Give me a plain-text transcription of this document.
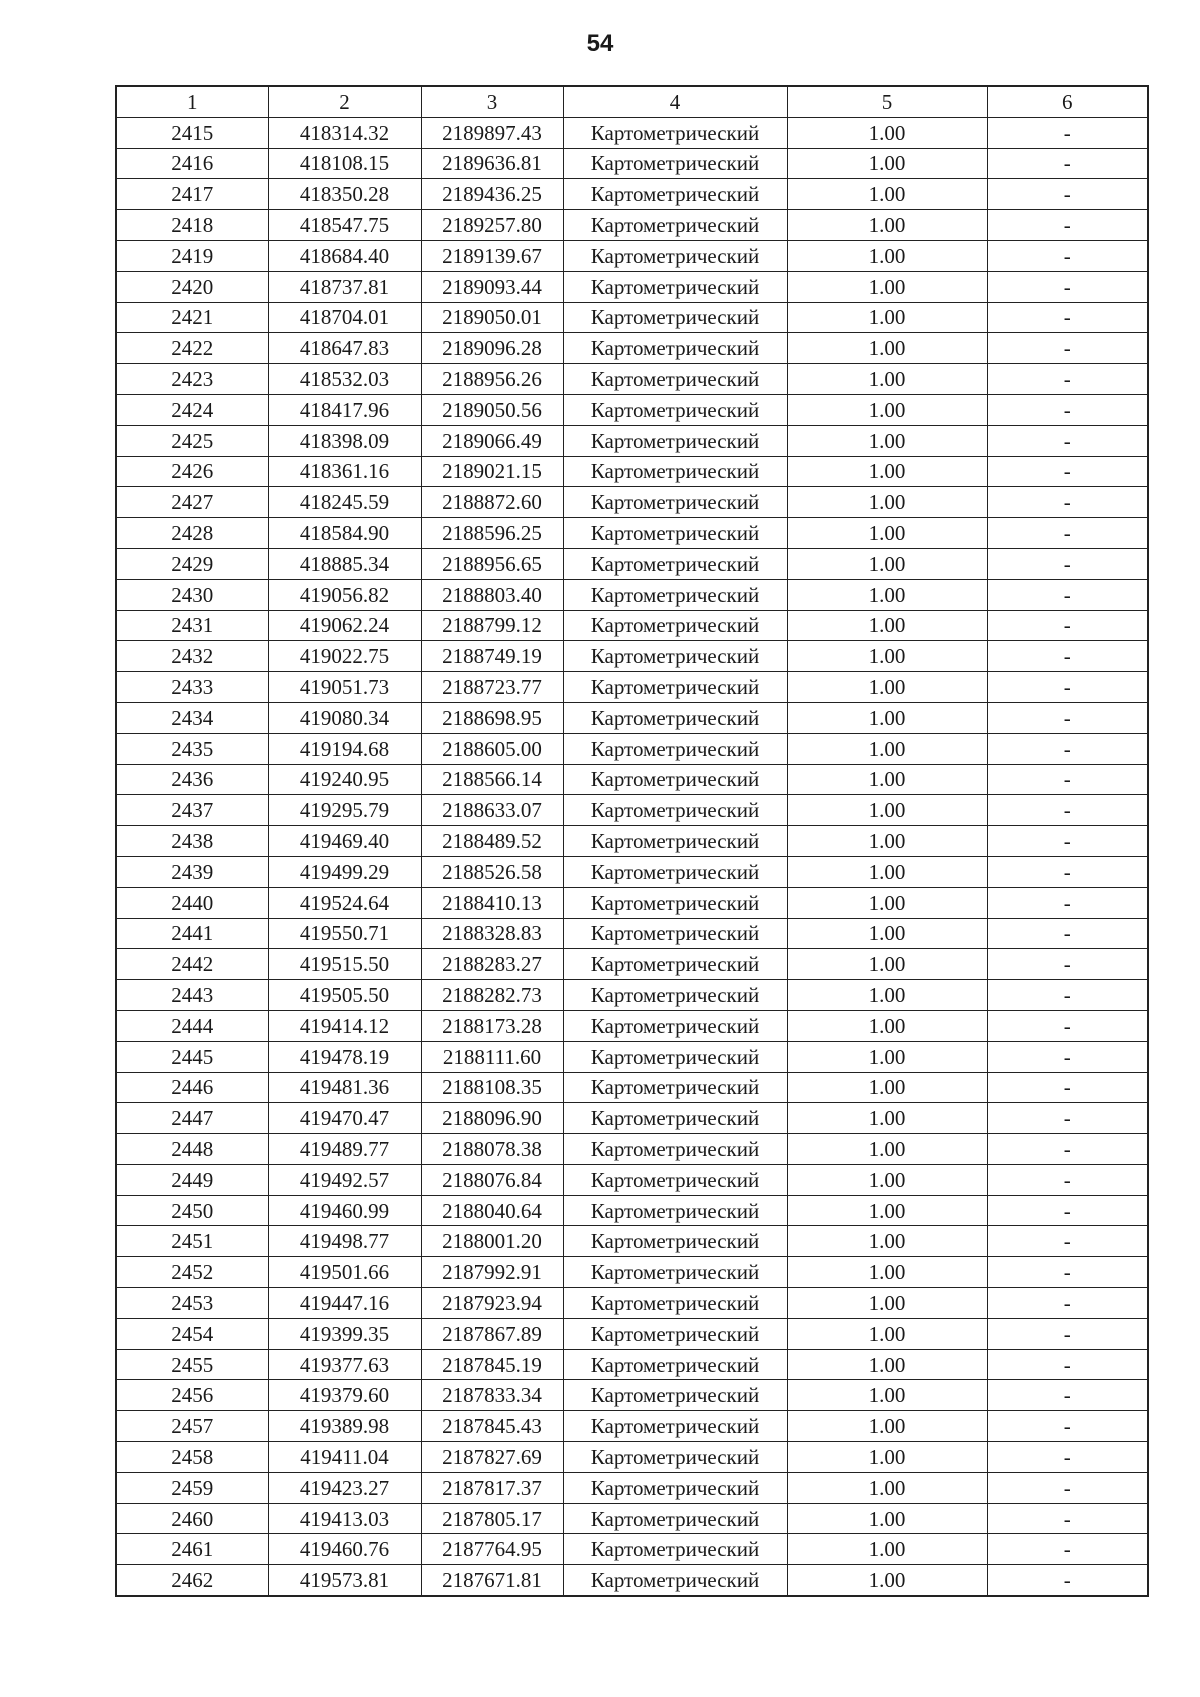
54
1	2	3	4	5	6
2415	418314.32	2189897.43	Картометрический	1.00	-
2416	418108.15	2189636.81	Картометрический	1.00	-
2417	418350.28	2189436.25	Картометрический	1.00	-
2418	418547.75	2189257.80	Картометрический	1.00	-
2419	418684.40	2189139.67	Картометрический	1.00	-
2420	418737.81	2189093.44	Картометрический	1.00	-
2421	418704.01	2189050.01	Картометрический	1.00	-
2422	418647.83	2189096.28	Картометрический	1.00	-
2423	418532.03	2188956.26	Картометрический	1.00	-
2424	418417.96	2189050.56	Картометрический	1.00	-
2425	418398.09	2189066.49	Картометрический	1.00	-
2426	418361.16	2189021.15	Картометрический	1.00	-
2427	418245.59	2188872.60	Картометрический	1.00	-
2428	418584.90	2188596.25	Картометрический	1.00	-
2429	418885.34	2188956.65	Картометрический	1.00	-
2430	419056.82	2188803.40	Картометрический	1.00	-
2431	419062.24	2188799.12	Картометрический	1.00	-
2432	419022.75	2188749.19	Картометрический	1.00	-
2433	419051.73	2188723.77	Картометрический	1.00	-
2434	419080.34	2188698.95	Картометрический	1.00	-
2435	419194.68	2188605.00	Картометрический	1.00	-
2436	419240.95	2188566.14	Картометрический	1.00	-
2437	419295.79	2188633.07	Картометрический	1.00	-
2438	419469.40	2188489.52	Картометрический	1.00	-
2439	419499.29	2188526.58	Картометрический	1.00	-
2440	419524.64	2188410.13	Картометрический	1.00	-
2441	419550.71	2188328.83	Картометрический	1.00	-
2442	419515.50	2188283.27	Картометрический	1.00	-
2443	419505.50	2188282.73	Картометрический	1.00	-
2444	419414.12	2188173.28	Картометрический	1.00	-
2445	419478.19	2188111.60	Картометрический	1.00	-
2446	419481.36	2188108.35	Картометрический	1.00	-
2447	419470.47	2188096.90	Картометрический	1.00	-
2448	419489.77	2188078.38	Картометрический	1.00	-
2449	419492.57	2188076.84	Картометрический	1.00	-
2450	419460.99	2188040.64	Картометрический	1.00	-
2451	419498.77	2188001.20	Картометрический	1.00	-
2452	419501.66	2187992.91	Картометрический	1.00	-
2453	419447.16	2187923.94	Картометрический	1.00	-
2454	419399.35	2187867.89	Картометрический	1.00	-
2455	419377.63	2187845.19	Картометрический	1.00	-
2456	419379.60	2187833.34	Картометрический	1.00	-
2457	419389.98	2187845.43	Картометрический	1.00	-
2458	419411.04	2187827.69	Картометрический	1.00	-
2459	419423.27	2187817.37	Картометрический	1.00	-
2460	419413.03	2187805.17	Картометрический	1.00	-
2461	419460.76	2187764.95	Картометрический	1.00	-
2462	419573.81	2187671.81	Картометрический	1.00	-
